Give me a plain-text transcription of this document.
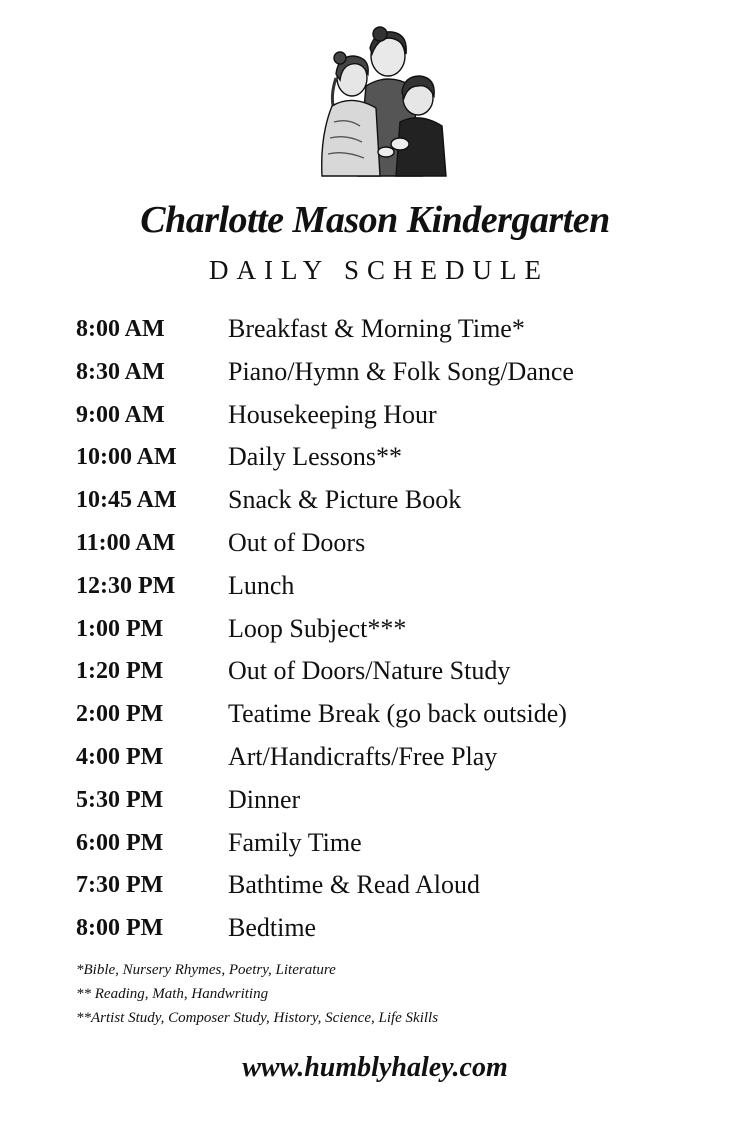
Charlotte Mason Kindergarten
DAILY SCHEDULE
8:00 AM Breakfast & Morning Time*
8:30 AM Piano/Hymn & Folk Song/Dance
9:00 AM Housekeeping Hour
10:00 AM Daily Lessons**
10:45 AM Snack & Picture Book
11:00 AM Out of Doors
12:30 PM Lunch
1:00 PM Loop Subject***
1:20 PM Out of Doors/Nature Study
2:00 PM Teatime Break (go back outside)
4:00 PM Art/Handicrafts/Free Play
5:30 PM Dinner
6:00 PM Family Time
7:30 PM Bathtime & Read Aloud
8:00 PM Bedtime
*Bible, Nursery Rhymes, Poetry, Literature
** Reading, Math, Handwriting
**Artist Study, Composer Study, History, Science, Life Skills
www.humblyhaley.com
